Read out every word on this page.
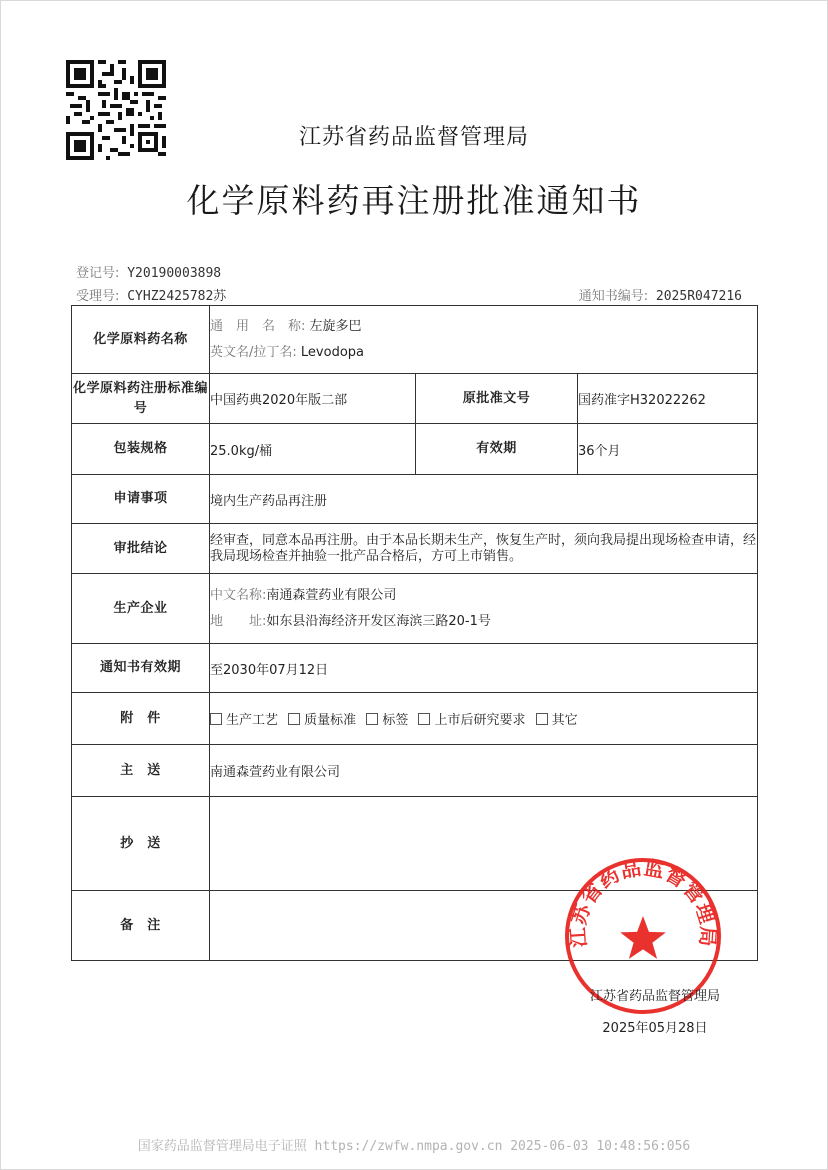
江苏省药品监督管理局
化学原料药再注册批准通知书
登记号: Y20190003898
受理号: CYHZ2425782苏	通知书编号: 2025R047216
化学原料药名称	通　用　名　称: 左旋多巴
英文名/拉丁名: Levodopa		

化学原料药注册标准编号	中国药典2020年版二部	原批准文号	国药准字H32022262
包装规格	25.0kg/桶	有效期	36个月
申请事项	境内生产药品再注册		
审批结论	经审查，同意本品再注册。由于本品长期未生产，恢复生产时，须向我局提出现场检查申请，经我局现场检查并抽验一批产品合格后，方可上市销售。		
生产企业	中文名称:南通森萱药业有限公司
地　　址:如东县沿海经济开发区海滨三路20-1号		

通知书有效期	至2030年07月12日		
附　件	生产工艺 质量标准 标签 上市后研究要求 其它		
主　送	南通森萱药业有限公司		
抄　送			
备　注			
江苏省药品监督管理局
江苏省药品监督管理局
2025年05月28日
国家药品监督管理局电子证照 https://zwfw.nmpa.gov.cn 2025-06-03 10:48:56:056
